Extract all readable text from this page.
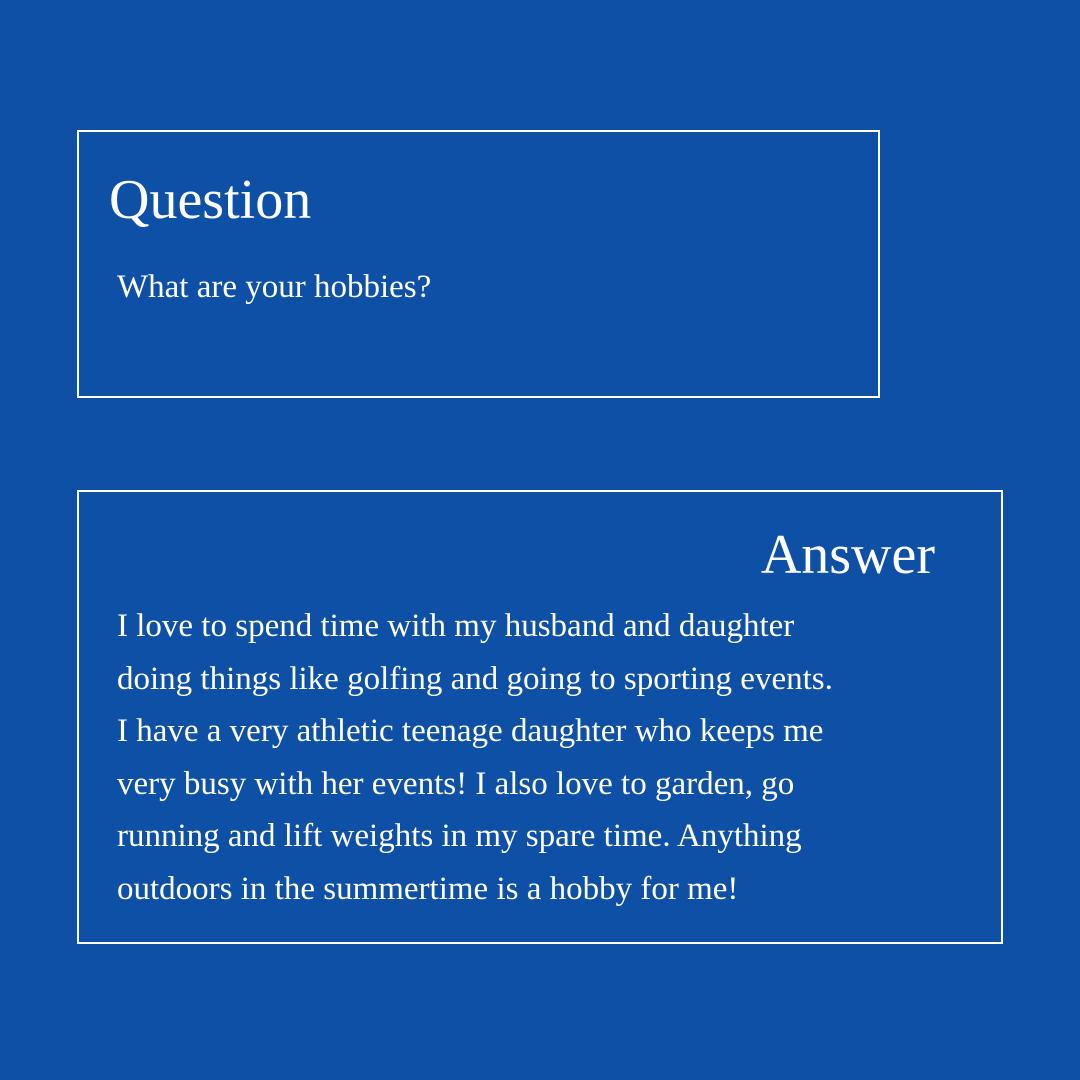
Question

What are your hobbies?

Answer

I love to spend time with my husband and daughter
doing things like golfing and going to sporting events.
I have a very athletic teenage daughter who keeps me
very busy with her events! I also love to garden, go
running and lift weights in my spare time. Anything
outdoors in the summertime is a hobby for me!
